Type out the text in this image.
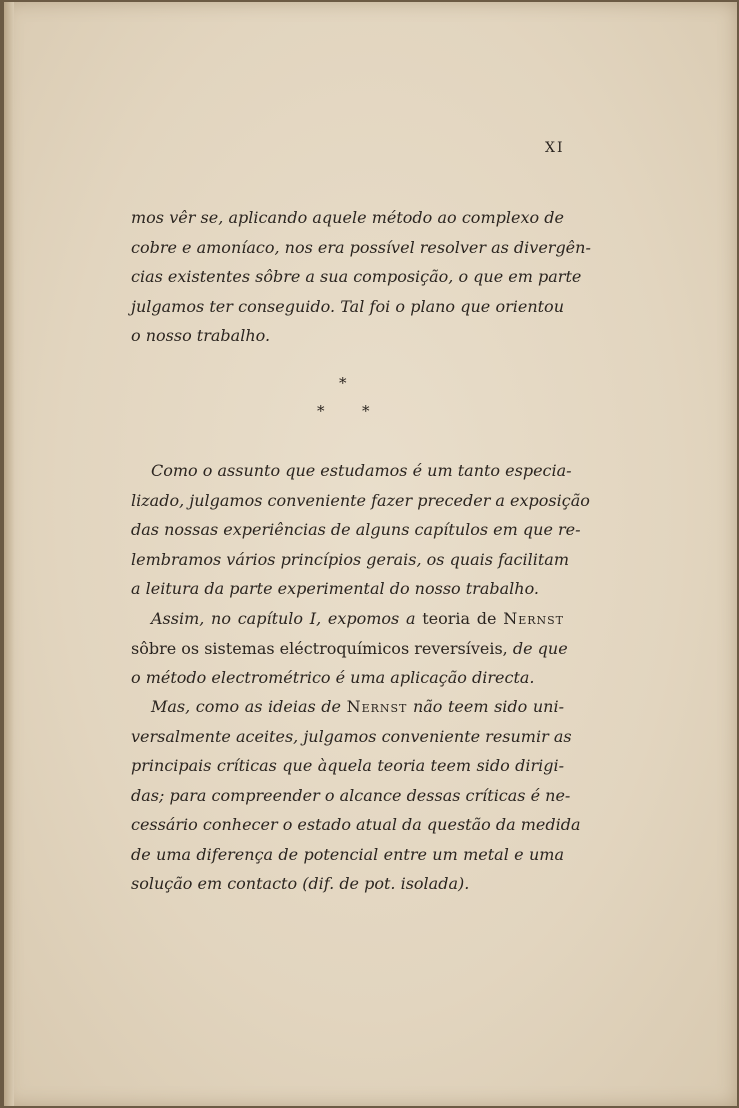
XI
mos vêr se, aplicando aquele método ao complexo de
cobre e amoníaco, nos era possível resolver as divergên-
cias existentes sôbre a sua composição, o que em parte
julgamos ter conseguido. Tal foi o plano que orientou
o nosso trabalho.
*
*	*
Como o assunto que estudamos é um tanto especia-
lizado, julgamos conveniente fazer preceder a exposição
das nossas experiências de alguns capítulos em que re-
lembramos vários princípios gerais, os quais facilitam
a leitura da parte experimental do nosso trabalho.
Assim, no capítulo I, expomos a teoria de Nernst
sôbre os sistemas eléctroquímicos reversíveis, de que
o método electrométrico é uma aplicação directa.
Mas, como as ideias de Nernst não teem sido uni-
versalmente aceites, julgamos conveniente resumir as
principais críticas que àquela teoria teem sido dirigi-
das; para compreender o alcance dessas críticas é ne-
cessário conhecer o estado atual da questão da medida
de uma diferença de potencial entre um metal e uma
solução em contacto (dif. de pot. isolada).
